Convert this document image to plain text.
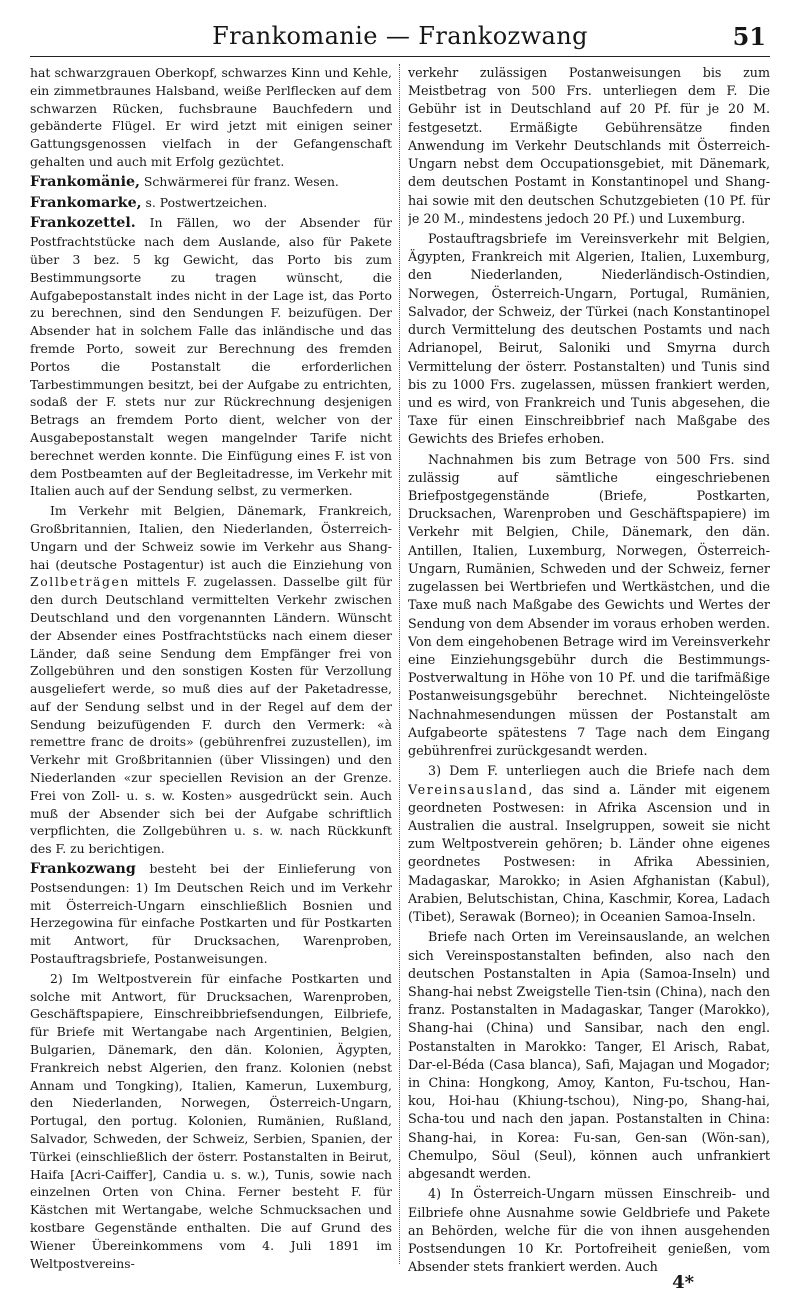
Frankomanie — Frankozwang	51

hat schwarzgrauen Oberkopf, schwarzes Kinn und Kehle, ein zimmetbraunes Halsband, weiße Perlflecken auf dem schwarzen Rücken, fuchsbraune Bauchfedern und gebänderte Flügel. Er wird jetzt mit einigen seiner Gattungsgenossen vielfach in der Gefangenschaft gehalten und auch mit Erfolg gezüchtet.

Frankomänie, Schwärmerei für franz. Wesen.

Frankomarke, s. Postwertzeichen.

Frankozettel. In Fällen, wo der Absender für Postfrachtstücke nach dem Auslande, also für Pakete über 3 bez. 5 kg Gewicht, das Porto bis zum Bestimmungsorte zu tragen wünscht, die Aufgabepostanstalt indes nicht in der Lage ist, das Porto zu berechnen, sind den Sendungen F. beizufügen. Der Absender hat in solchem Falle das inländische und das fremde Porto, soweit zur Berechnung des fremden Portos die Postanstalt die erforderlichen Tarbestimmungen besitzt, bei der Aufgabe zu entrichten, sodaß der F. stets nur zur Rückrechnung desjenigen Betrags an fremdem Porto dient, welcher von der Ausgabepostanstalt wegen mangelnder Tarife nicht berechnet werden konnte. Die Einfügung eines F. ist von dem Postbeamten auf der Begleitadresse, im Verkehr mit Italien auch auf der Sendung selbst, zu vermerken.

Im Verkehr mit Belgien, Dänemark, Frankreich, Großbritannien, Italien, den Niederlanden, Österreich-Ungarn und der Schweiz sowie im Verkehr aus Shang-hai (deutsche Postagentur) ist auch die Einziehung von Zollbeträgen mittels F. zugelassen. Dasselbe gilt für den durch Deutschland vermittelten Verkehr zwischen Deutschland und den vorgenannten Ländern. Wünscht der Absender eines Postfrachtstücks nach einem dieser Länder, daß seine Sendung dem Empfänger frei von Zollgebühren und den sonstigen Kosten für Verzollung ausgeliefert werde, so muß dies auf der Paketadresse, auf der Sendung selbst und in der Regel auf dem der Sendung beizufügenden F. durch den Vermerk: «à remettre franc de droits» (gebührenfrei zuzustellen), im Verkehr mit Großbritannien (über Vlissingen) und den Niederlanden «zur speciellen Revision an der Grenze. Frei von Zoll- u. s. w. Kosten» ausgedrückt sein. Auch muß der Absender sich bei der Aufgabe schriftlich verpflichten, die Zollgebühren u. s. w. nach Rückkunft des F. zu berichtigen.

Frankozwang besteht bei der Einlieferung von Postsendungen: 1) Im Deutschen Reich und im Verkehr mit Österreich-Ungarn einschließlich Bosnien und Herzegowina für einfache Postkarten und für Postkarten mit Antwort, für Drucksachen, Warenproben, Postauftragsbriefe, Postanweisungen.

2) Im Weltpostverein für einfache Postkarten und solche mit Antwort, für Drucksachen, Warenproben, Geschäftspapiere, Einschreibbriefsendungen, Eilbriefe, für Briefe mit Wertangabe nach Argentinien, Belgien, Bulgarien, Dänemark, den dän. Kolonien, Ägypten, Frankreich nebst Algerien, den franz. Kolonien (nebst Annam und Tongking), Italien, Kamerun, Luxemburg, den Niederlanden, Norwegen, Österreich-Ungarn, Portugal, den portug. Kolonien, Rumänien, Rußland, Salvador, Schweden, der Schweiz, Serbien, Spanien, der Türkei (einschließlich der österr. Postanstalten in Beirut, Haifa [Acri-Caiffer], Candia u. s. w.), Tunis, sowie nach einzelnen Orten von China. Ferner besteht F. für Kästchen mit Wertangabe, welche Schmucksachen und kostbare Gegenstände enthalten. Die auf Grund des Wiener Übereinkommens vom 4. Juli 1891 im Weltpostvereins-

verkehr zulässigen Postanweisungen bis zum Meistbetrag von 500 Frs. unterliegen dem F. Die Gebühr ist in Deutschland auf 20 Pf. für je 20 M. festgesetzt. Ermäßigte Gebührensätze finden Anwendung im Verkehr Deutschlands mit Österreich-Ungarn nebst dem Occupationsgebiet, mit Dänemark, dem deutschen Postamt in Konstantinopel und Shang-hai sowie mit den deutschen Schutzgebieten (10 Pf. für je 20 M., mindestens jedoch 20 Pf.) und Luxemburg.

Postauftragsbriefe im Vereinsverkehr mit Belgien, Ägypten, Frankreich mit Algerien, Italien, Luxemburg, den Niederlanden, Niederländisch-Ostindien, Norwegen, Österreich-Ungarn, Portugal, Rumänien, Salvador, der Schweiz, der Türkei (nach Konstantinopel durch Vermittelung des deutschen Postamts und nach Adrianopel, Beirut, Saloniki und Smyrna durch Vermittelung der österr. Postanstalten) und Tunis sind bis zu 1000 Frs. zugelassen, müssen frankiert werden, und es wird, von Frankreich und Tunis abgesehen, die Taxe für einen Einschreibbrief nach Maßgabe des Gewichts des Briefes erhoben.

Nachnahmen bis zum Betrage von 500 Frs. sind zulässig auf sämtliche eingeschriebenen Briefpostgegenstände (Briefe, Postkarten, Drucksachen, Warenproben und Geschäftspapiere) im Verkehr mit Belgien, Chile, Dänemark, den dän. Antillen, Italien, Luxemburg, Norwegen, Österreich-Ungarn, Rumänien, Schweden und der Schweiz, ferner zugelassen bei Wertbriefen und Wertkästchen, und die Taxe muß nach Maßgabe des Gewichts und Wertes der Sendung von dem Absender im voraus erhoben werden. Von dem eingehobenen Betrage wird im Vereinsverkehr eine Einziehungsgebühr durch die Bestimmungs-Postverwaltung in Höhe von 10 Pf. und die tarifmäßige Postanweisungsgebühr berechnet. Nichteingelöste Nachnahmesendungen müssen der Postanstalt am Aufgabeorte spätestens 7 Tage nach dem Eingang gebührenfrei zurückgesandt werden.

3) Dem F. unterliegen auch die Briefe nach dem Vereinsausland, das sind a. Länder mit eigenem geordneten Postwesen: in Afrika Ascension und in Australien die austral. Inselgruppen, soweit sie nicht zum Weltpostverein gehören; b. Länder ohne eigenes geordnetes Postwesen: in Afrika Abessinien, Madagaskar, Marokko; in Asien Afghanistan (Kabul), Arabien, Belutschistan, China, Kaschmir, Korea, Ladach (Tibet), Serawak (Borneo); in Oceanien Samoa-Inseln.

Briefe nach Orten im Vereinsauslande, an welchen sich Vereinspostanstalten befinden, also nach den deutschen Postanstalten in Apia (Samoa-Inseln) und Shang-hai nebst Zweigstelle Tien-tsin (China), nach den franz. Postanstalten in Madagaskar, Tanger (Marokko), Shang-hai (China) und Sansibar, nach den engl. Postanstalten in Marokko: Tanger, El Arisch, Rabat, Dar-el-Béda (Casa blanca), Safi, Majagan und Mogador; in China: Hongkong, Amoy, Kanton, Fu-tschou, Han-kou, Hoi-hau (Khiung-tschou), Ning-po, Shang-hai, Scha-tou und nach den japan. Postanstalten in China: Shang-hai, in Korea: Fu-san, Gen-san (Wön-san), Chemulpo, Söul (Seul), können auch unfrankiert abgesandt werden.

4) In Österreich-Ungarn müssen Einschreib- und Eilbriefe ohne Ausnahme sowie Geldbriefe und Pakete an Behörden, welche für die von ihnen ausgehenden Postsendungen 10 Kr. Portofreiheit genießen, vom Absender stets frankiert werden. Auch

4*
